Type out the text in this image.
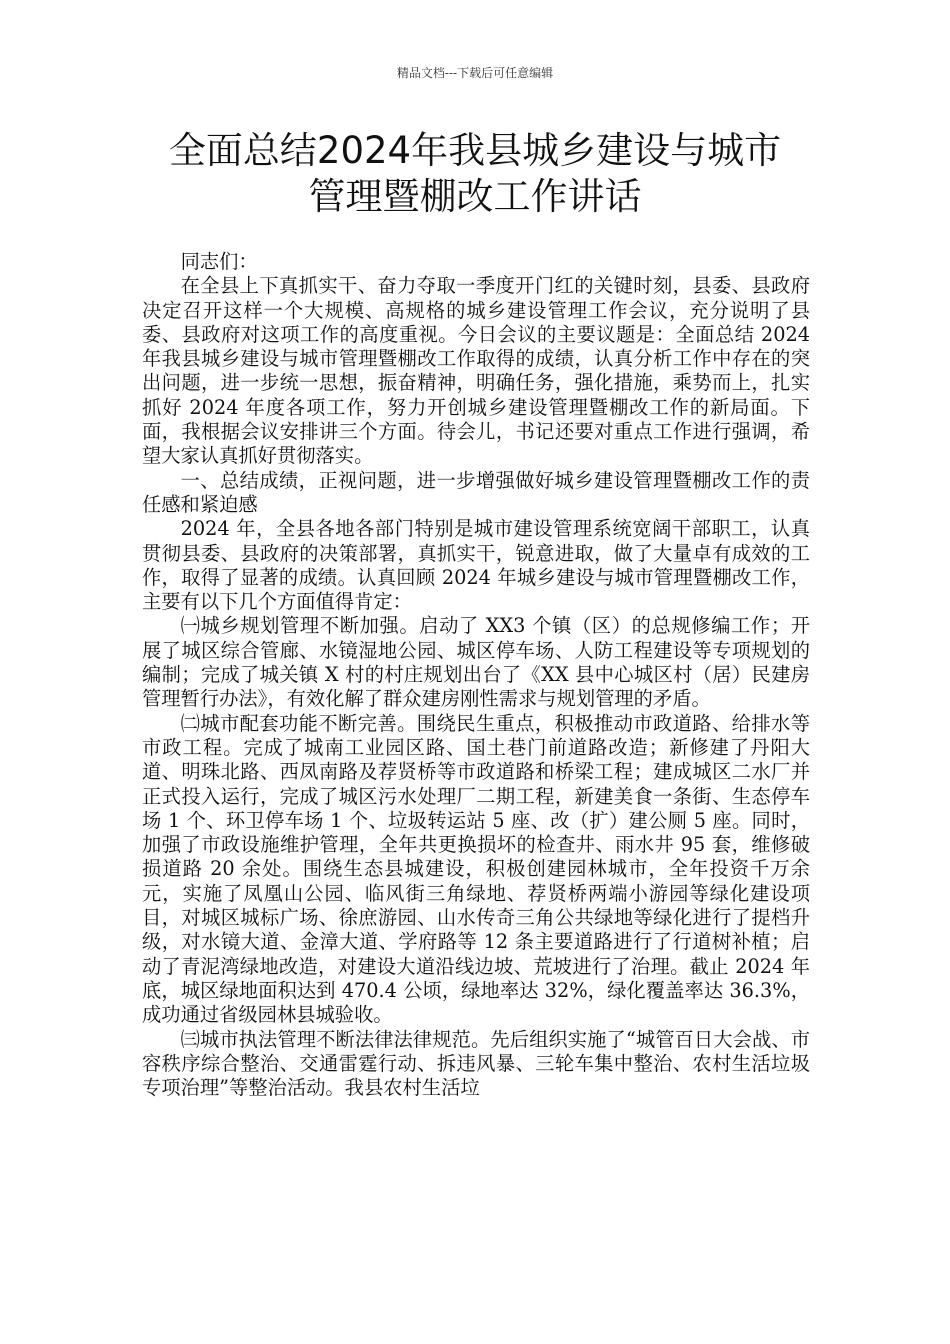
精品文档---下载后可任意编辑
全面总结2024年我县城乡建设与城市
管理暨棚改工作讲话

同志们：

在全县上下真抓实干、奋力夺取一季度开门红的关键时刻，县委、县政府决定召开这样一个大规模、高规格的城乡建设管理工作会议，充分说明了县委、县政府对这项工作的高度重视。今日会议的主要议题是：全面总结 2024 年我县城乡建设与城市管理暨棚改工作取得的成绩，认真分析工作中存在的突出问题，进一步统一思想，振奋精神，明确任务，强化措施，乘势而上，扎实抓好 2024 年度各项工作，努力开创城乡建设管理暨棚改工作的新局面。下面，我根据会议安排讲三个方面。待会儿，书记还要对重点工作进行强调，希望大家认真抓好贯彻落实。

一、总结成绩，正视问题，进一步增强做好城乡建设管理暨棚改工作的责任感和紧迫感

2024 年，全县各地各部门特别是城市建设管理系统宽阔干部职工，认真贯彻县委、县政府的决策部署，真抓实干，锐意进取，做了大量卓有成效的工作，取得了显著的成绩。认真回顾 2024 年城乡建设与城市管理暨棚改工作，主要有以下几个方面值得肯定：

㈠城乡规划管理不断加强。启动了 XX3 个镇（区）的总规修编工作；开展了城区综合管廊、水镜湿地公园、城区停车场、人防工程建设等专项规划的编制；完成了城关镇 X 村的村庄规划出台了《XX 县中心城区村（居）民建房管理暂行办法》，有效化解了群众建房刚性需求与规划管理的矛盾。

㈡城市配套功能不断完善。围绕民生重点，积极推动市政道路、给排水等市政工程。完成了城南工业园区路、国土巷门前道路改造；新修建了丹阳大道、明珠北路、西凤南路及荐贤桥等市政道路和桥梁工程；建成城区二水厂并正式投入运行，完成了城区污水处理厂二期工程，新建美食一条街、生态停车场 1 个、环卫停车场 1 个、垃圾转运站 5 座、改（扩）建公厕 5 座。同时，加强了市政设施维护管理，全年共更换损坏的检查井、雨水井 95 套，维修破损道路 20 余处。围绕生态县城建设，积极创建园林城市，全年投资千万余元，实施了凤凰山公园、临风街三角绿地、荐贤桥两端小游园等绿化建设项目，对城区城标广场、徐庶游园、山水传奇三角公共绿地等绿化进行了提档升级，对水镜大道、金漳大道、学府路等 12 条主要道路进行了行道树补植；启动了青泥湾绿地改造，对建设大道沿线边坡、荒坡进行了治理。截止 2024 年底，城区绿地面积达到 470.4 公顷，绿地率达 32%，绿化覆盖率达 36.3%，成功通过省级园林县城验收。

㈢城市执法管理不断法律法律规范。先后组织实施了“城管百日大会战、市容秩序综合整治、交通雷霆行动、拆违风暴、三轮车集中整治、农村生活垃圾专项治理”等整治活动。我县农村生活垃
